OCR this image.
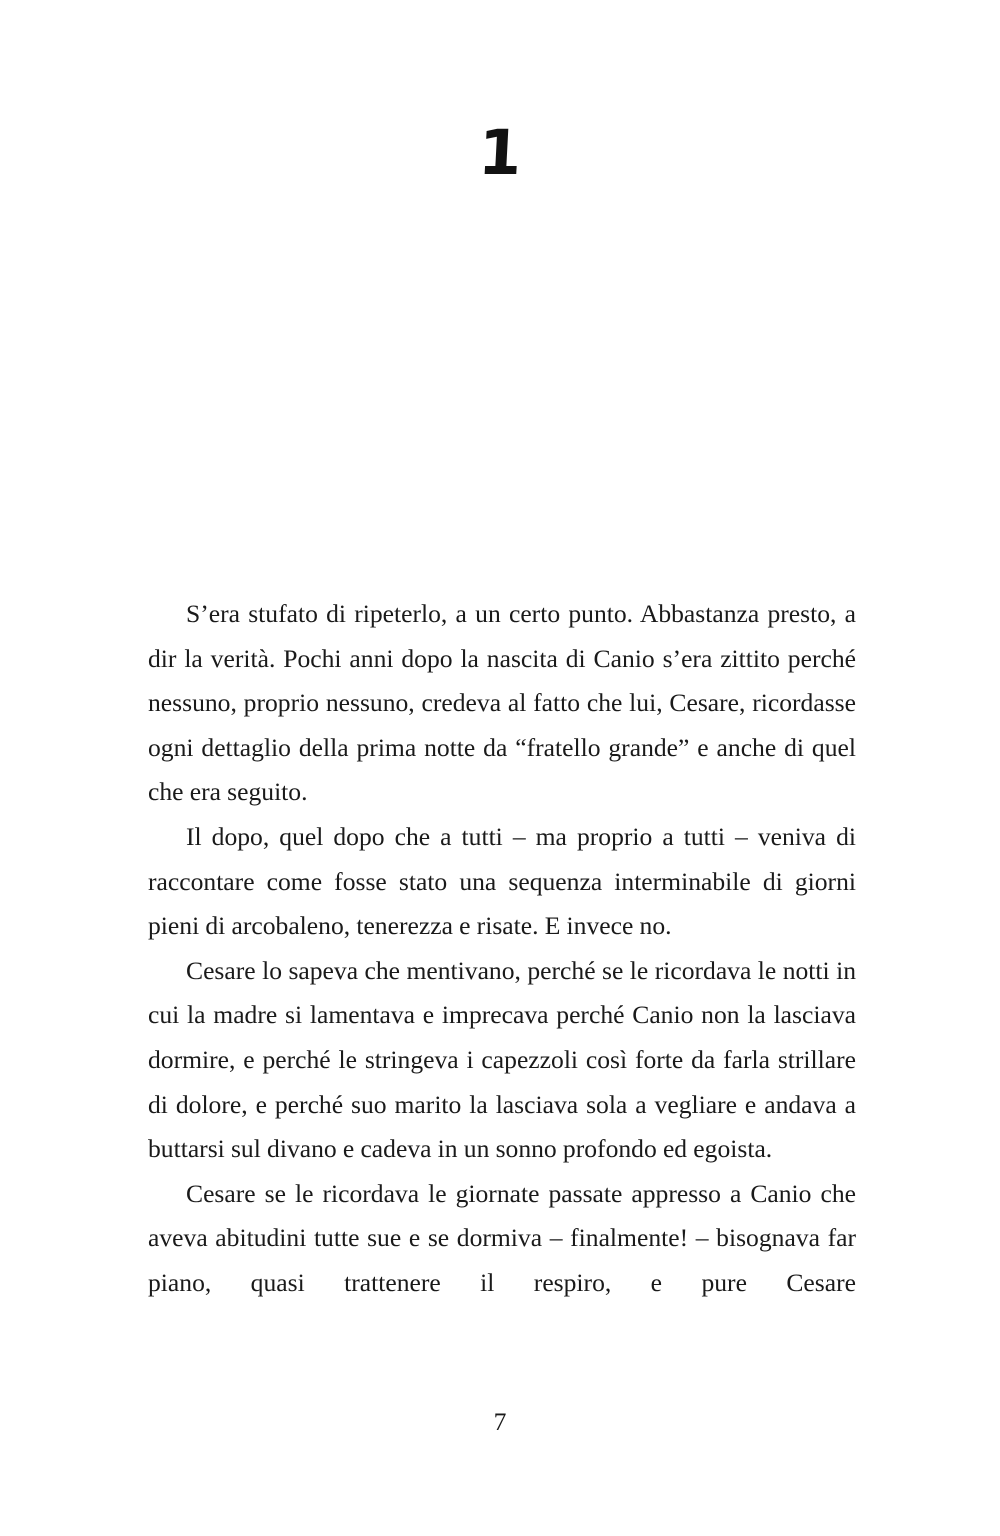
1

S’era stufato di ripeterlo, a un certo punto. Abbastanza presto, a dir la verità. Pochi anni dopo la nascita di Canio s’era zittito perché nessuno, proprio nessuno, credeva al fatto che lui, Cesare, ricordasse ogni dettaglio della prima notte da “fratello grande” e anche di quel che era seguito.

Il dopo, quel dopo che a tutti – ma proprio a tutti – veniva di raccontare come fosse stato una sequenza interminabile di giorni pieni di arcobaleno, tenerezza e risate. E invece no.

Cesare lo sapeva che mentivano, perché se le ricordava le notti in cui la madre si lamentava e imprecava perché Canio non la lasciava dormire, e perché le stringeva i capezzoli così forte da farla strillare di dolore, e perché suo marito la lasciava sola a vegliare e andava a buttarsi sul divano e cadeva in un sonno profondo ed egoista.

Cesare se le ricordava le giornate passate appresso a Canio che aveva abitudini tutte sue e se dormiva – finalmente! – bisognava far piano, quasi trattenere il respiro, e pure Cesare

7
